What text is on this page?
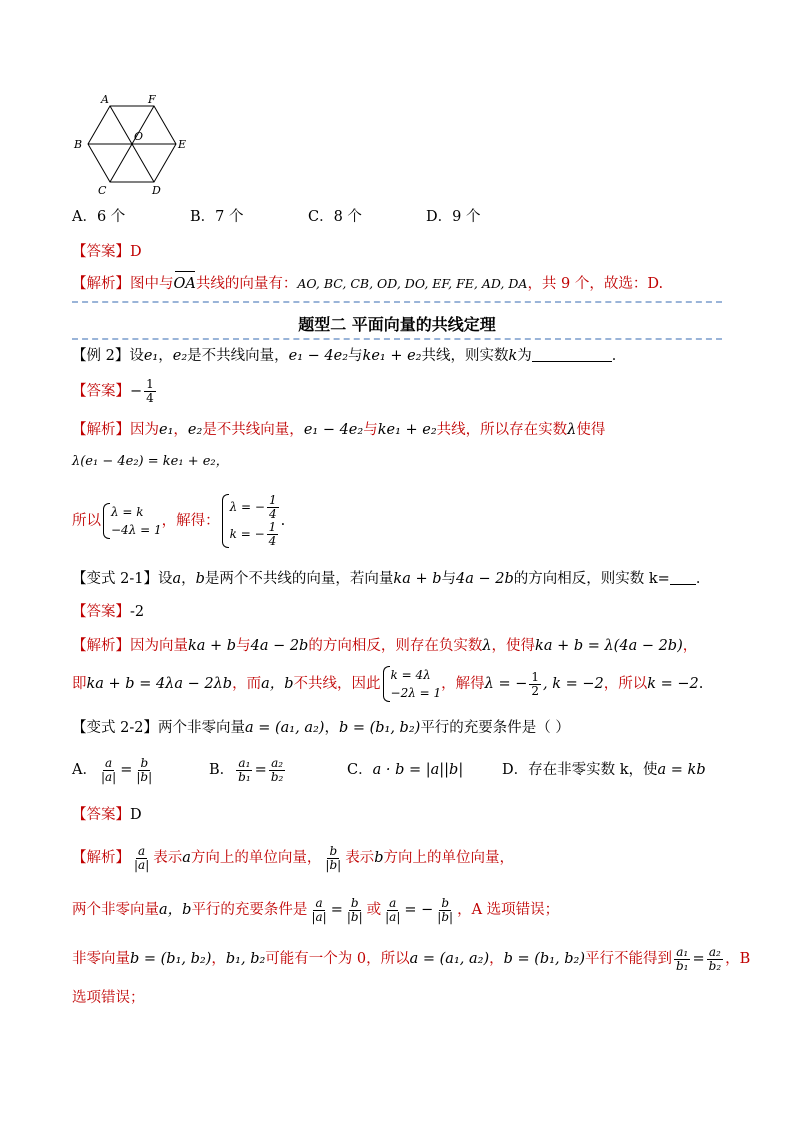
A	F
B
O
E
C	D
A．6 个	B．7 个	C．8 个	D．9 个
【答案】D
【解析】图中与OA共线的向量有：AO, BC, CB, OD, DO, EF, FE, AD, DA，共 9 个，故选：D.
题型二 平面向量的共线定理
【例 2】设e₁，e₂是不共线向量，e₁ − 4e₂与ke₁ + e₂共线，则实数k为	．
【答案】− $\frac{1}{4}$
【解析】因为e₁，e₂是不共线向量，e₁ − 4e₂与ke₁ + e₂共线，所以存在实数λ使得
λ(e₁ − 4e₂) = ke₁ + e₂，
所以
λ = k
−4λ = 1
，解得：
λ = − $\frac{1}{4}$
k = − $\frac{1}{4}$ .
【变式 2-1】设a，b是两个不共线的向量，若向量ka + b与4a − 2b的方向相反，则实数 k= ．
【答案】-2
【解析】因为向量ka + b与4a − 2b的方向相反，则存在负实数λ，使得ka + b = λ(4a − 2b)，
即ka + b = 4λa − 2λb，而a，b不共线，因此
k = 4λ
−2λ = 1
，解得λ = − $\frac{1}{2}$ , k = −2，所以k = −2.
【变式 2-2】两个非零向量a = (a₁, a₂)，b = (b₁, b₂)平行的充要条件是（ ）
A． $\frac{a}{|a|} = \frac{b}{|b|}$	B． $\frac{\text{a₁}}{\text{b₁}} = \frac{\text{a₂}}{\text{b₂}}$	C．a · b = |a||b|	D．存在非零实数 k，使a = kb
【答案】D
【解析】 $\frac{a}{|a|}$ 表示a方向上的单位向量， $\frac{b}{|b|}$ 表示b方向上的单位向量，
两个非零向量a，b平行的充要条件是 $\frac{a}{|a|} = \frac{b}{|b|}$ 或 $\frac{a}{|a|}$ = − $\frac{b}{|b|}$ ，A 选项错误；
非零向量b = (b₁, b₂)，b₁, b₂可能有一个为 0，所以a = (a₁, a₂)，b = (b₁, b₂)平行不能得到 $\frac{\text{a₁}}{\text{b₁}} = \frac{\text{a₂}}{\text{b₂}}$ ，B
选项错误；
